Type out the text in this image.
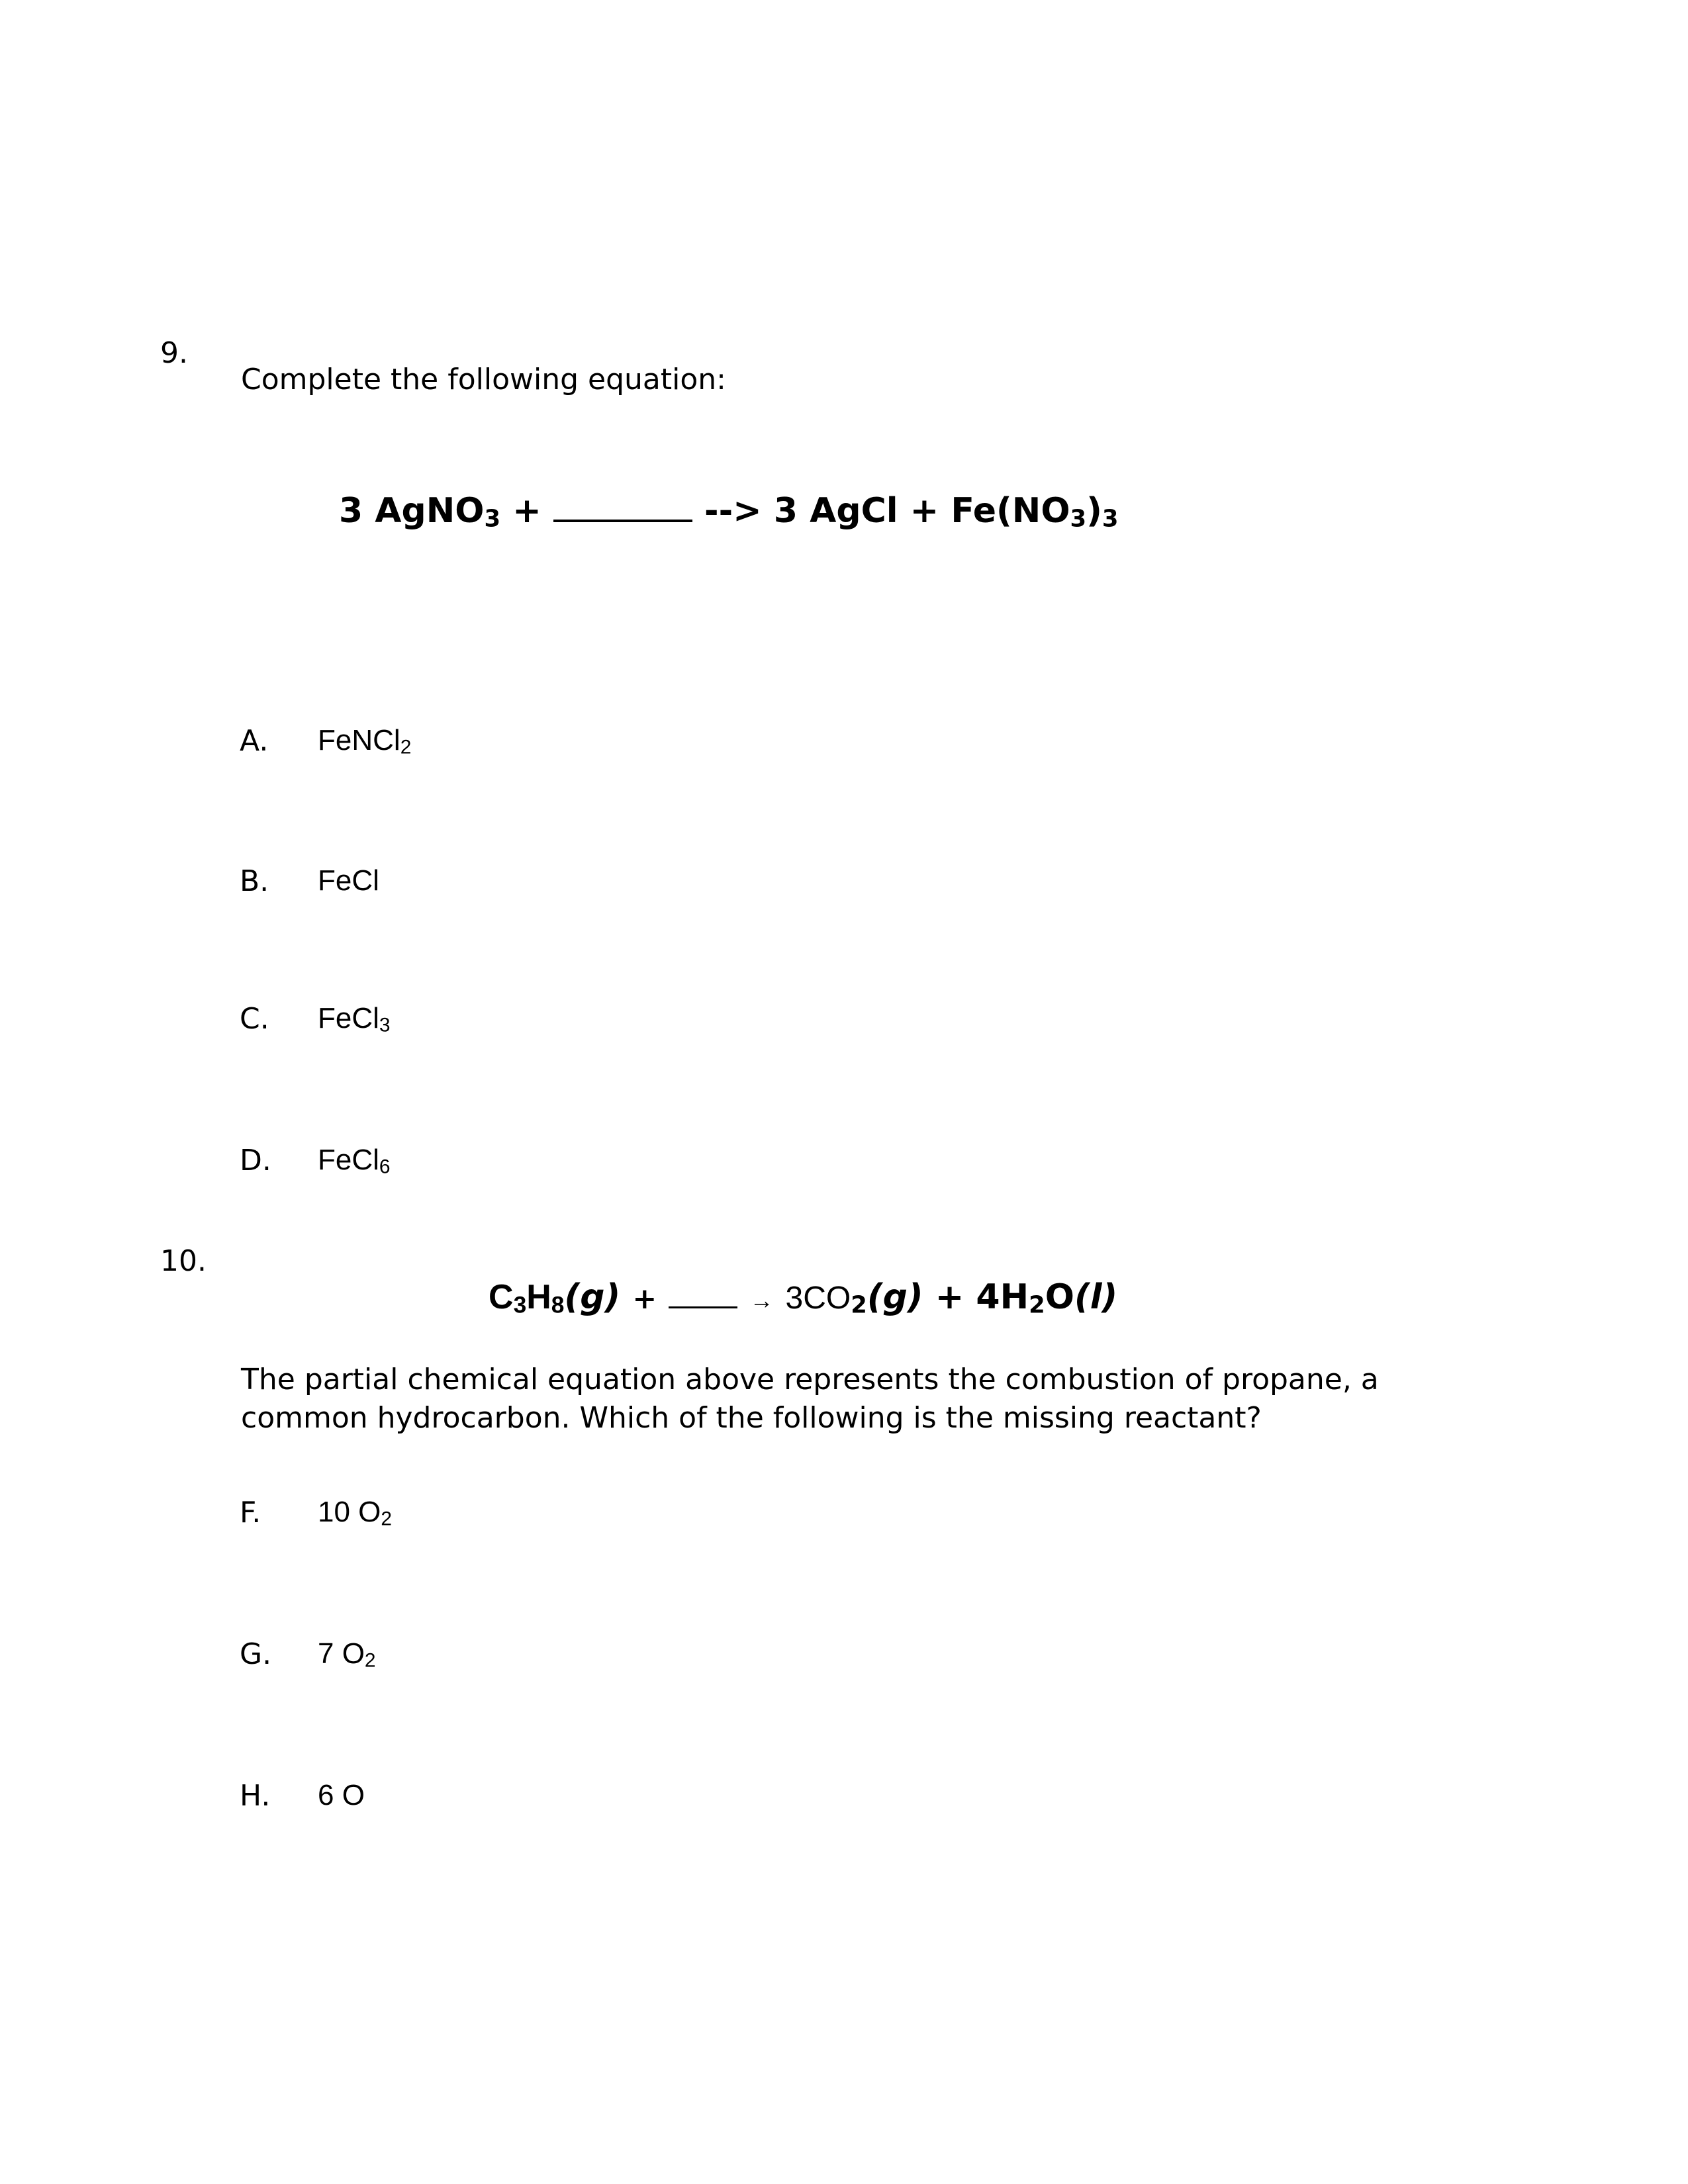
9.
Complete the following equation:
3 AgNO$_3$ +	--> 3 AgCl + $Fe(NO_3)_3$
A. FeNCl$_2$
B. FeCl
C. FeCl$_3$
D. FeCl$_6$
10.
$C_3H_8(g)$ +	→ $3CO_2(g) + 4H_2O(l)$
The partial chemical equation above represents the combustion of propane, a common hydrocarbon. Which of the following is the missing reactant?
F. 10 $O_2$
G. 7 $O_2$
H. 6 O
